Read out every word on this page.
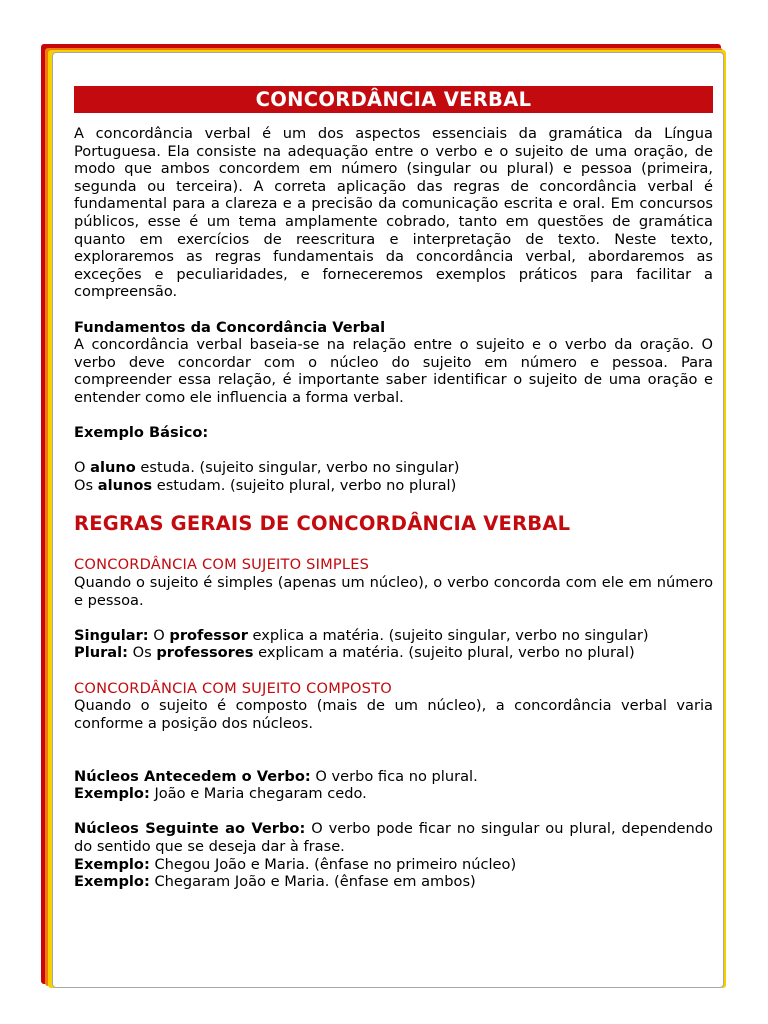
CONCORDÂNCIA VERBAL

A concordância verbal é um dos aspectos essenciais da gramática da Língua Portuguesa. Ela consiste na adequação entre o verbo e o sujeito de uma oração, de modo que ambos concordem em número (singular ou plural) e pessoa (primeira, segunda ou terceira). A correta aplicação das regras de concordância verbal é fundamental para a clareza e a precisão da comunicação escrita e oral. Em concursos públicos, esse é um tema amplamente cobrado, tanto em questões de gramática quanto em exercícios de reescritura e interpretação de texto. Neste texto, exploraremos as regras fundamentais da concordância verbal, abordaremos as exceções e peculiaridades, e forneceremos exemplos práticos para facilitar a compreensão.

Fundamentos da Concordância Verbal

A concordância verbal baseia-se na relação entre o sujeito e o verbo da oração. O verbo deve concordar com o núcleo do sujeito em número e pessoa. Para compreender essa relação, é importante saber identificar o sujeito de uma oração e entender como ele influencia a forma verbal.

Exemplo Básico:

O aluno estuda. (sujeito singular, verbo no singular)

Os alunos estudam. (sujeito plural, verbo no plural)

REGRAS GERAIS DE CONCORDÂNCIA VERBAL

CONCORDÂNCIA COM SUJEITO SIMPLES

Quando o sujeito é simples (apenas um núcleo), o verbo concorda com ele em número e pessoa.

Singular: O professor explica a matéria. (sujeito singular, verbo no singular)

Plural: Os professores explicam a matéria. (sujeito plural, verbo no plural)

CONCORDÂNCIA COM SUJEITO COMPOSTO

Quando o sujeito é composto (mais de um núcleo), a concordância verbal varia conforme a posição dos núcleos.

Núcleos Antecedem o Verbo: O verbo fica no plural.

Exemplo: João e Maria chegaram cedo.

Núcleos Seguinte ao Verbo: O verbo pode ficar no singular ou plural, dependendo do sentido que se deseja dar à frase.

Exemplo: Chegou João e Maria. (ênfase no primeiro núcleo)

Exemplo: Chegaram João e Maria. (ênfase em ambos)
